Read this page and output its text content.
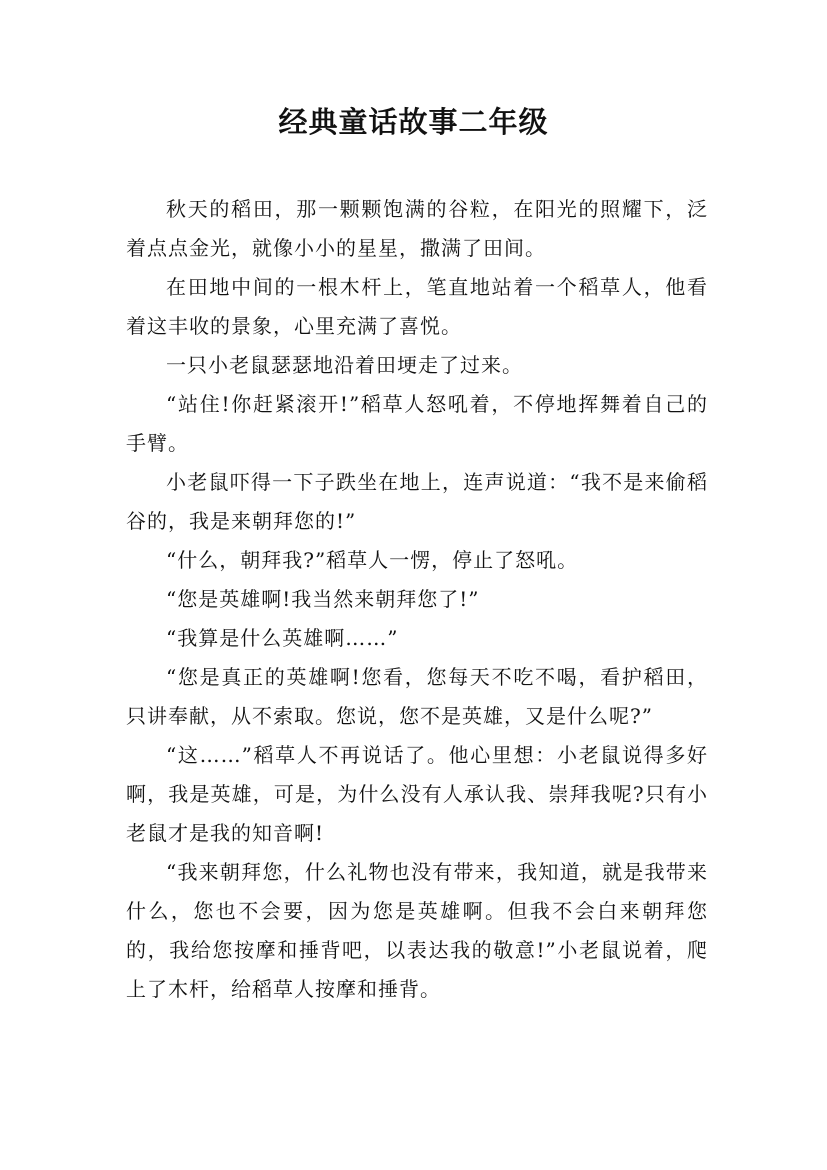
经典童话故事二年级

秋天的稻田，那一颗颗饱满的谷粒，在阳光的照耀下，泛着点点金光，就像小小的星星，撒满了田间。

在田地中间的一根木杆上，笔直地站着一个稻草人，他看着这丰收的景象，心里充满了喜悦。

一只小老鼠瑟瑟地沿着田埂走了过来。

“站住!你赶紧滚开!”稻草人怒吼着，不停地挥舞着自己的手臂。

小老鼠吓得一下子跌坐在地上，连声说道：“我不是来偷稻谷的，我是来朝拜您的!”

“什么，朝拜我?”稻草人一愣，停止了怒吼。

“您是英雄啊!我当然来朝拜您了!”

“我算是什么英雄啊……”

“您是真正的英雄啊!您看，您每天不吃不喝，看护稻田，只讲奉献，从不索取。您说，您不是英雄，又是什么呢?”

“这……”稻草人不再说话了。他心里想：小老鼠说得多好啊，我是英雄，可是，为什么没有人承认我、崇拜我呢?只有小老鼠才是我的知音啊!

“我来朝拜您，什么礼物也没有带来，我知道，就是我带来什么，您也不会要，因为您是英雄啊。但我不会白来朝拜您的，我给您按摩和捶背吧，以表达我的敬意!”小老鼠说着，爬上了木杆，给稻草人按摩和捶背。
